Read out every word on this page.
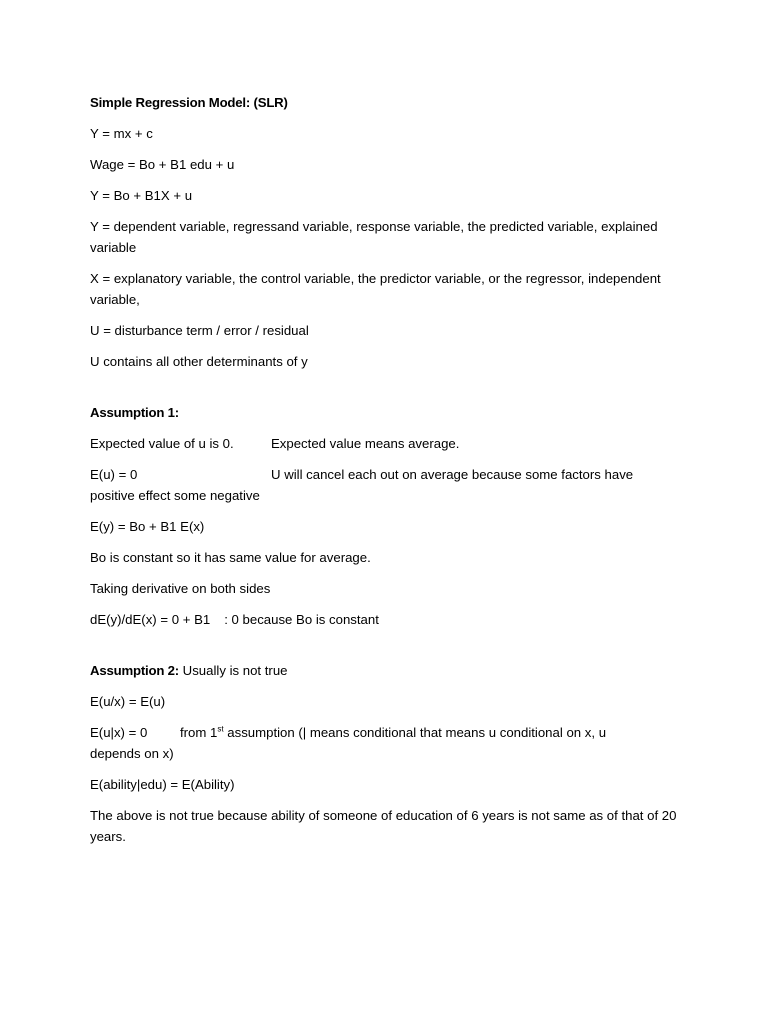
Simple Regression Model: (SLR)
Y = mx + c
Wage = Bo + B1 edu + u
Y = Bo + B1X + u
Y = dependent variable, regressand variable, response variable, the predicted variable, explained variable
X = explanatory variable, the control variable, the predictor variable, or the regressor, independent variable,
U = disturbance term / error / residual
U contains all other determinants of y
Assumption 1:
Expected value of u is 0.	Expected value means average.
E(u) = 0	U will cancel each out on average because some factors have
positive effect some negative
E(y) = Bo + B1 E(x)
Bo is constant so it has same value for average.
Taking derivative on both sides
dE(y)/dE(x) = 0 + B1 : 0 because Bo is constant
Assumption 2: Usually is not true
E(u/x) = E(u)
E(u|x) = 0 from 1st assumption (| means conditional that means u conditional on x, u
depends on x)
E(ability|edu) = E(Ability)
The above is not true because ability of someone of education of 6 years is not same as of that of 20 years.
